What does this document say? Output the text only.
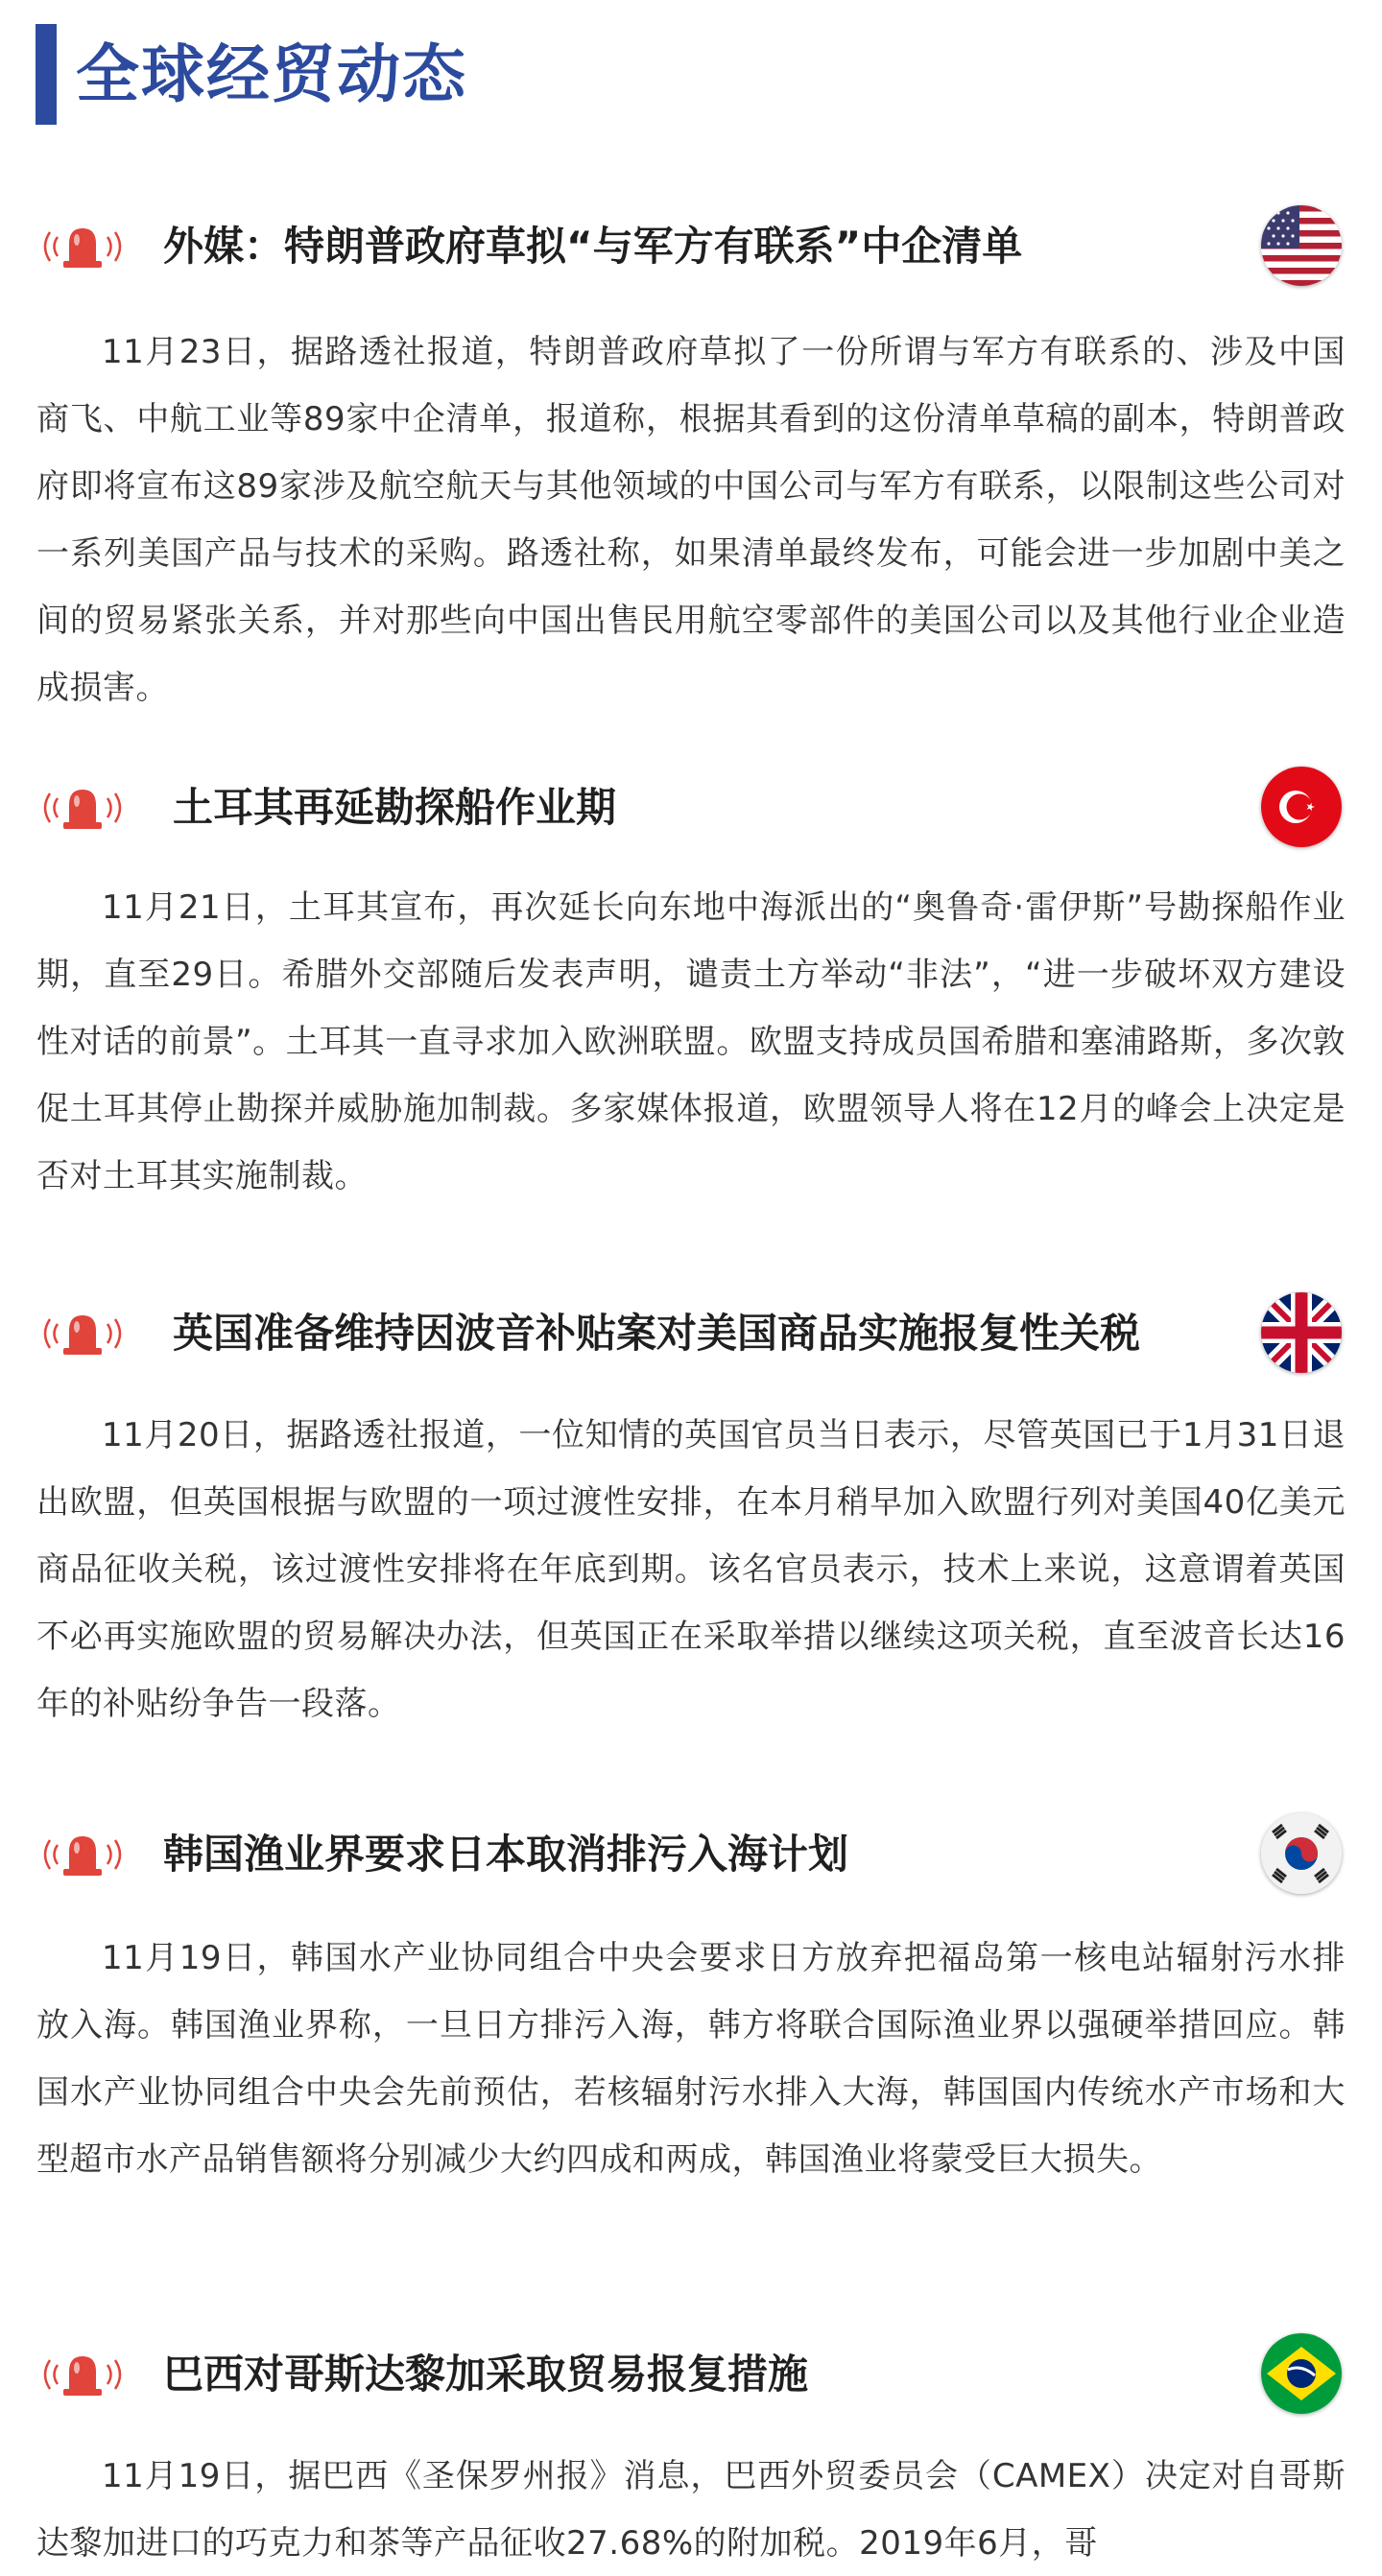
全球经贸动态
外媒：特朗普政府草拟“与军方有联系”中企清单
11月23日，据路透社报道，特朗普政府草拟了一份所谓与军方有联系的、涉及中国商飞、中航工业等89家中企清单，报道称，根据其看到的这份清单草稿的副本，特朗普政府即将宣布这89家涉及航空航天与其他领域的中国公司与军方有联系，以限制这些公司对一系列美国产品与技术的采购。路透社称，如果清单最终发布，可能会进一步加剧中美之间的贸易紧张关系，并对那些向中国出售民用航空零部件的美国公司以及其他行业企业造成损害。
土耳其再延勘探船作业期
11月21日，土耳其宣布，再次延长向东地中海派出的“奥鲁奇·雷伊斯”号勘探船作业期，直至29日。希腊外交部随后发表声明，谴责土方举动“非法”，“进一步破坏双方建设性对话的前景”。土耳其一直寻求加入欧洲联盟。欧盟支持成员国希腊和塞浦路斯，多次敦促土耳其停止勘探并威胁施加制裁。多家媒体报道，欧盟领导人将在12月的峰会上决定是否对土耳其实施制裁。
英国准备维持因波音补贴案对美国商品实施报复性关税
11月20日，据路透社报道，一位知情的英国官员当日表示，尽管英国已于1月31日退出欧盟，但英国根据与欧盟的一项过渡性安排，在本月稍早加入欧盟行列对美国40亿美元商品征收关税，该过渡性安排将在年底到期。该名官员表示，技术上来说，这意谓着英国不必再实施欧盟的贸易解决办法，但英国正在采取举措以继续这项关税，直至波音长达16年的补贴纷争告一段落。
韩国渔业界要求日本取消排污入海计划
11月19日，韩国水产业协同组合中央会要求日方放弃把福岛第一核电站辐射污水排放入海。韩国渔业界称，一旦日方排污入海，韩方将联合国际渔业界以强硬举措回应。韩国水产业协同组合中央会先前预估，若核辐射污水排入大海，韩国国内传统水产市场和大型超市水产品销售额将分别减少大约四成和两成，韩国渔业将蒙受巨大损失。
巴西对哥斯达黎加采取贸易报复措施
11月19日，据巴西《圣保罗州报》消息，巴西外贸委员会（CAMEX）决定对自哥斯达黎加进口的巧克力和茶等产品征收27.68%的附加税。2019年6月，哥
